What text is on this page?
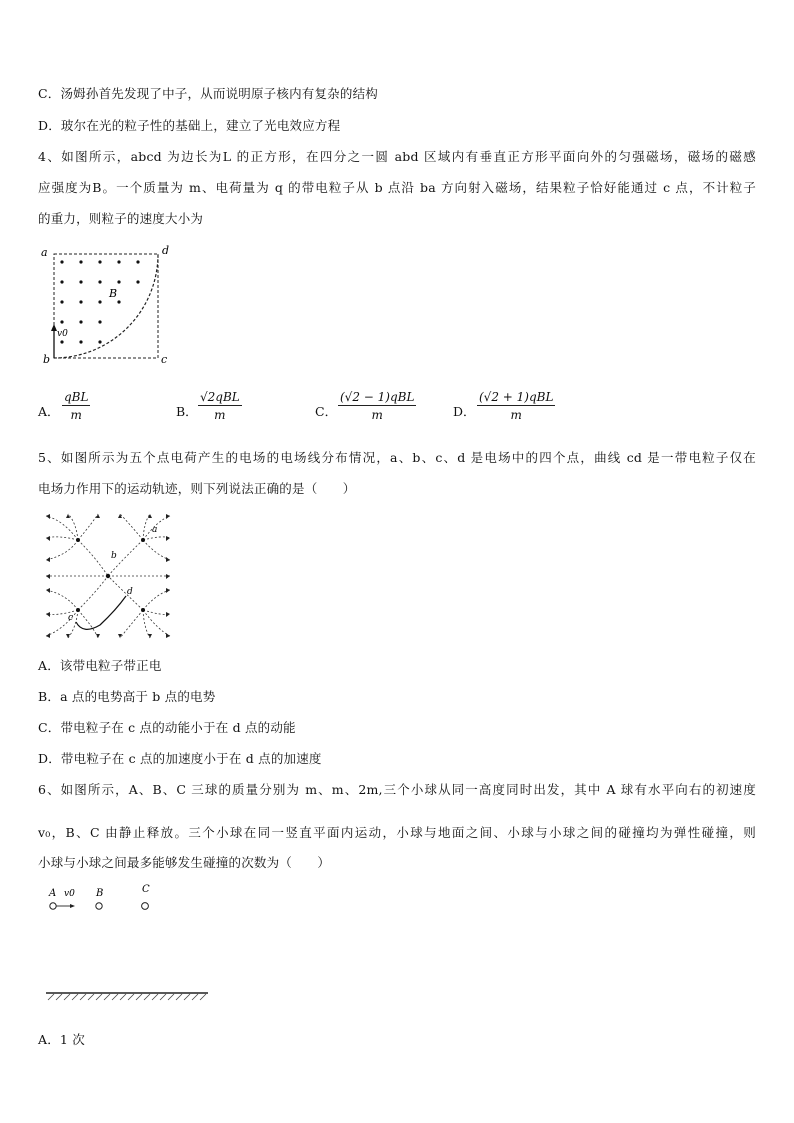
C．汤姆孙首先发现了中子，从而说明原子核内有复杂的结构
D．玻尔在光的粒子性的基础上，建立了光电效应方程
4、如图所示，abcd 为边长为L 的正方形，在四分之一圆 abd 区域内有垂直正方形平面向外的匀强磁场，磁场的磁感
应强度为B。一个质量为 m、电荷量为 q 的带电粒子从 b 点沿 ba 方向射入磁场，结果粒子恰好能通过 c 点，不计粒子
的重力，则粒子的速度大小为
a	d
b	c
B
v0
A．
qBL
m	B．
√2qBL
m	C．
(√2 − 1)qBL
m	D．
(√2 + 1)qBL
m
5、如图所示为五个点电荷产生的电场的电场线分布情况，a、b、c、d 是电场中的四个点，曲线 cd 是一带电粒子仅在
电场力作用下的运动轨迹，则下列说法正确的是（　　）
a
b
c
d
A．该带电粒子带正电
B．a 点的电势高于 b 点的电势
C．带电粒子在 c 点的动能小于在 d 点的动能
D．带电粒子在 c 点的加速度小于在 d 点的加速度
6、如图所示，A、B、C 三球的质量分别为 m、m、2m,三个小球从同一高度同时出发，其中 A 球有水平向右的初速度
v₀，B、C 由静止释放。三个小球在同一竖直平面内运动，小球与地面之间、小球与小球之间的碰撞均为弹性碰撞，则
小球与小球之间最多能够发生碰撞的次数为（　　）
A v0 B	C
A．1 次
